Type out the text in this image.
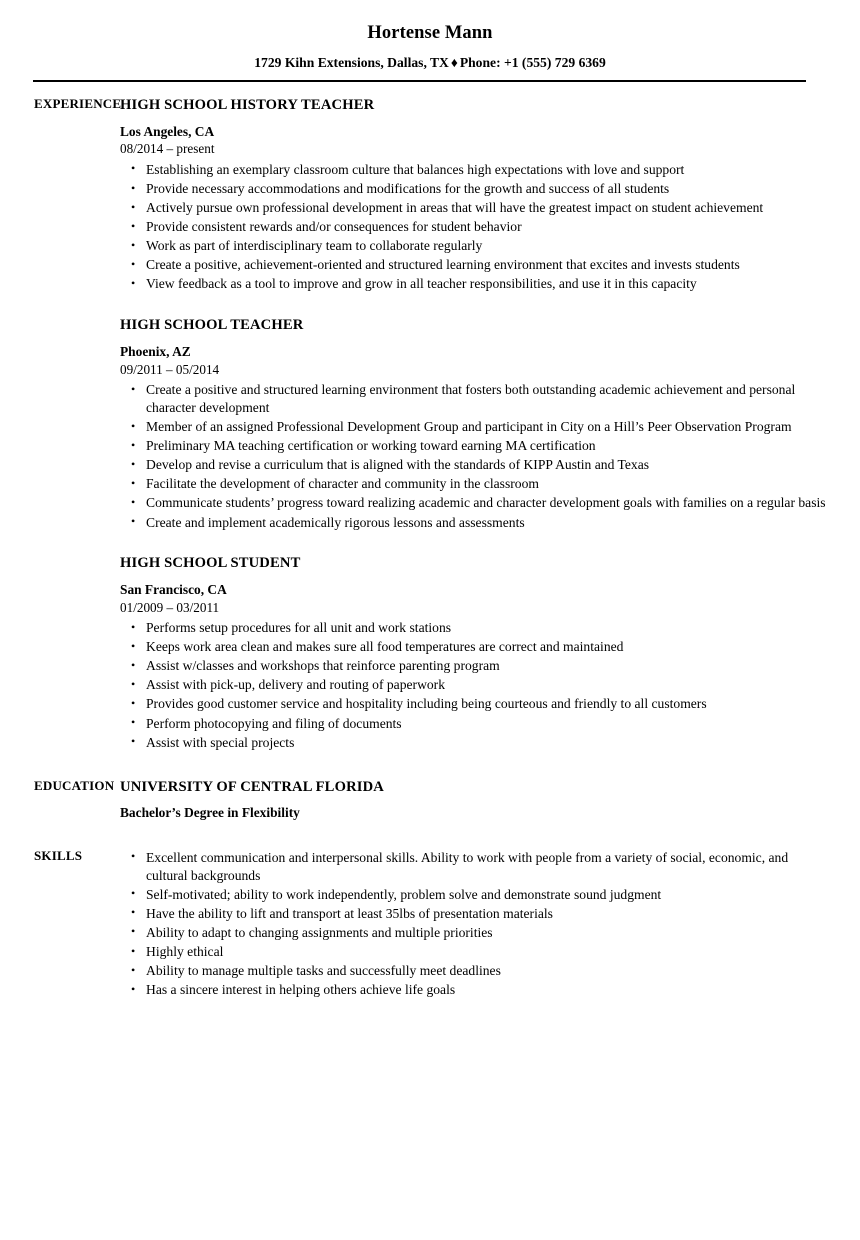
Hortense Mann
1729 Kihn Extensions, Dallas, TX ♦ Phone: +1 (555) 729 6369
EXPERIENCE
HIGH SCHOOL HISTORY TEACHER
Los Angeles, CA
08/2014 – present
• Establishing an exemplary classroom culture that balances high expectations with love and support
• Provide necessary accommodations and modifications for the growth and success of all students
• Actively pursue own professional development in areas that will have the greatest impact on student achievement
• Provide consistent rewards and/or consequences for student behavior
• Work as part of interdisciplinary team to collaborate regularly
• Create a positive, achievement-oriented and structured learning environment that excites and invests students
• View feedback as a tool to improve and grow in all teacher responsibilities, and use it in this capacity
HIGH SCHOOL TEACHER
Phoenix, AZ
09/2011 – 05/2014
• Create a positive and structured learning environment that fosters both outstanding academic achievement and personal character development
• Member of an assigned Professional Development Group and participant in City on a Hill’s Peer Observation Program
• Preliminary MA teaching certification or working toward earning MA certification
• Develop and revise a curriculum that is aligned with the standards of KIPP Austin and Texas
• Facilitate the development of character and community in the classroom
• Communicate students’ progress toward realizing academic and character development goals with families on a regular basis
• Create and implement academically rigorous lessons and assessments
HIGH SCHOOL STUDENT
San Francisco, CA
01/2009 – 03/2011
• Performs setup procedures for all unit and work stations
• Keeps work area clean and makes sure all food temperatures are correct and maintained
• Assist w/classes and workshops that reinforce parenting program
• Assist with pick-up, delivery and routing of paperwork
• Provides good customer service and hospitality including being courteous and friendly to all customers
• Perform photocopying and filing of documents
• Assist with special projects
EDUCATION UNIVERSITY OF CENTRAL FLORIDA
Bachelor’s Degree in Flexibility
SKILLS	• Excellent communication and interpersonal skills. Ability to work with people from a variety of social, economic, and cultural backgrounds
• Self-motivated; ability to work independently, problem solve and demonstrate sound judgment
• Have the ability to lift and transport at least 35lbs of presentation materials
• Ability to adapt to changing assignments and multiple priorities
• Highly ethical
• Ability to manage multiple tasks and successfully meet deadlines
• Has a sincere interest in helping others achieve life goals
